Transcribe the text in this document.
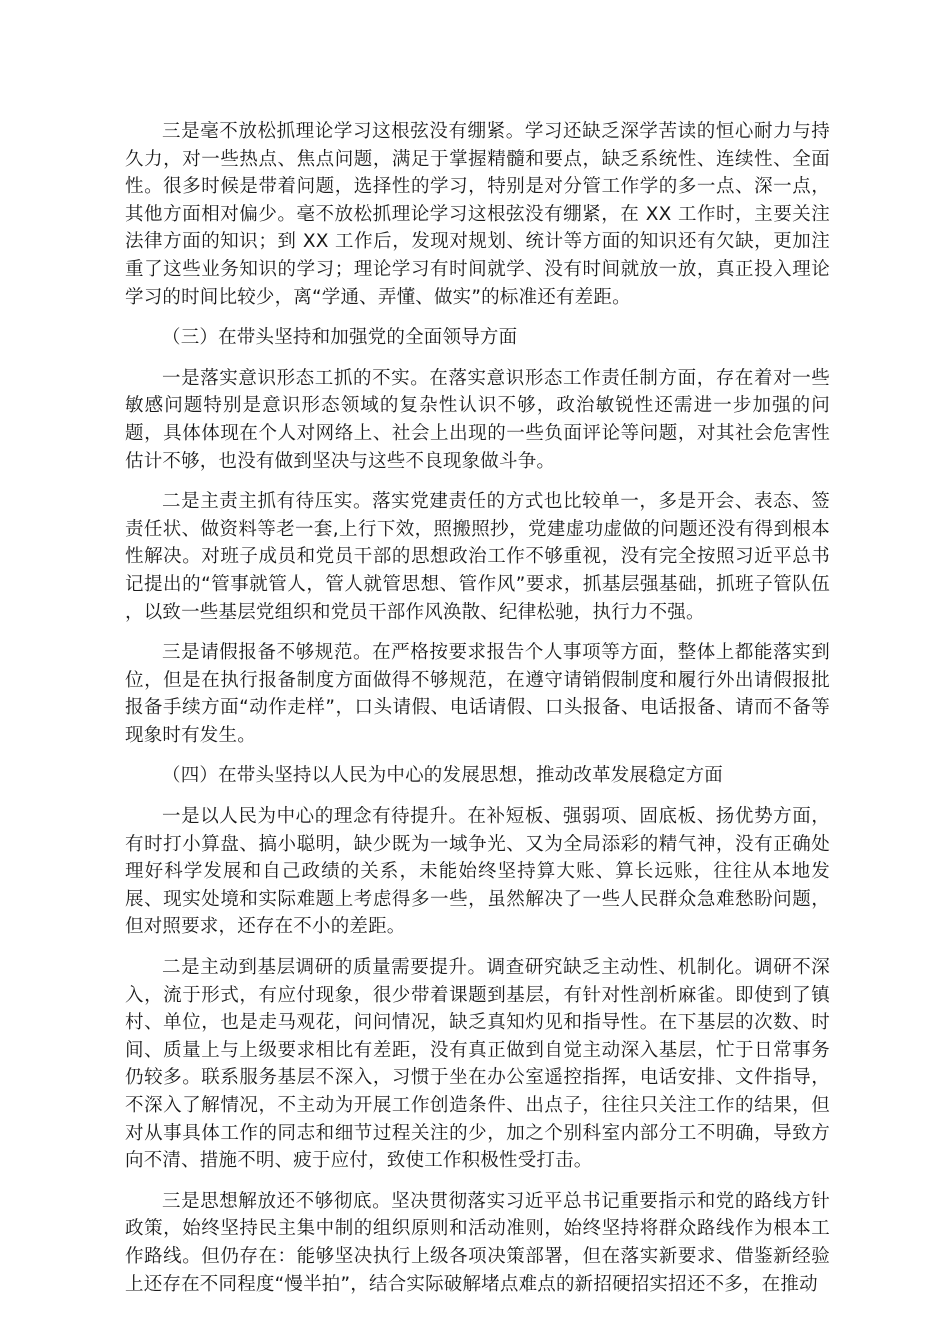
三是毫不放松抓理论学习这根弦没有绷紧。学习还缺乏深学苦读的恒心耐力与持久力，对一些热点、焦点问题，满足于掌握精髓和要点，缺乏系统性、连续性、全面性。很多时候是带着问题，选择性的学习，特别是对分管工作学的多一点、深一点，其他方面相对偏少。毫不放松抓理论学习这根弦没有绷紧，在 XX 工作时，主要关注法律方面的知识；到 XX 工作后，发现对规划、统计等方面的知识还有欠缺，更加注重了这些业务知识的学习；理论学习有时间就学、没有时间就放一放，真正投入理论学习的时间比较少，离“学通、弄懂、做实”的标准还有差距。

（三）在带头坚持和加强党的全面领导方面

一是落实意识形态工抓的不实。在落实意识形态工作责任制方面，存在着对一些敏感问题特别是意识形态领域的复杂性认识不够，政治敏锐性还需进一步加强的问题，具体体现在个人对网络上、社会上出现的一些负面评论等问题，对其社会危害性估计不够，也没有做到坚决与这些不良现象做斗争。

二是主责主抓有待压实。落实党建责任的方式也比较单一，多是开会、表态、签责任状、做资料等老一套,上行下效，照搬照抄，党建虚功虚做的问题还没有得到根本性解决。对班子成员和党员干部的思想政治工作不够重视，没有完全按照习近平总书记提出的“管事就管人，管人就管思想、管作风”要求，抓基层强基础，抓班子管队伍 ，以致一些基层党组织和党员干部作风涣散、纪律松驰，执行力不强。

三是请假报备不够规范。在严格按要求报告个人事项等方面，整体上都能落实到位，但是在执行报备制度方面做得不够规范，在遵守请销假制度和履行外出请假报批报备手续方面“动作走样”，口头请假、电话请假、口头报备、电话报备、请而不备等现象时有发生。

（四）在带头坚持以人民为中心的发展思想，推动改革发展稳定方面

一是以人民为中心的理念有待提升。在补短板、强弱项、固底板、扬优势方面，有时打小算盘、搞小聪明，缺少既为一域争光、又为全局添彩的精气神，没有正确处理好科学发展和自己政绩的关系，未能始终坚持算大账、算长远账，往往从本地发展、现实处境和实际难题上考虑得多一些，虽然解决了一些人民群众急难愁盼问题，但对照要求，还存在不小的差距。

二是主动到基层调研的质量需要提升。调查研究缺乏主动性、机制化。调研不深入，流于形式，有应付现象，很少带着课题到基层，有针对性剖析麻雀。即使到了镇村、单位，也是走马观花，问问情况，缺乏真知灼见和指导性。在下基层的次数、时间、质量上与上级要求相比有差距，没有真正做到自觉主动深入基层，忙于日常事务仍较多。联系服务基层不深入，习惯于坐在办公室遥控指挥，电话安排、文件指导，不深入了解情况，不主动为开展工作创造条件、出点子，往往只关注工作的结果，但对从事具体工作的同志和细节过程关注的少，加之个别科室内部分工不明确，导致方向不清、措施不明、疲于应付，致使工作积极性受打击。

三是思想解放还不够彻底。坚决贯彻落实习近平总书记重要指示和党的路线方针政策，始终坚持民主集中制的组织原则和活动准则，始终坚持将群众路线作为根本工作路线。但仍存在：能够坚决执行上级各项决策部署，但在落实新要求、借鉴新经验上还存在不同程度“慢半拍”，结合实际破解堵点难点的新招硬招实招还不多，在推动
